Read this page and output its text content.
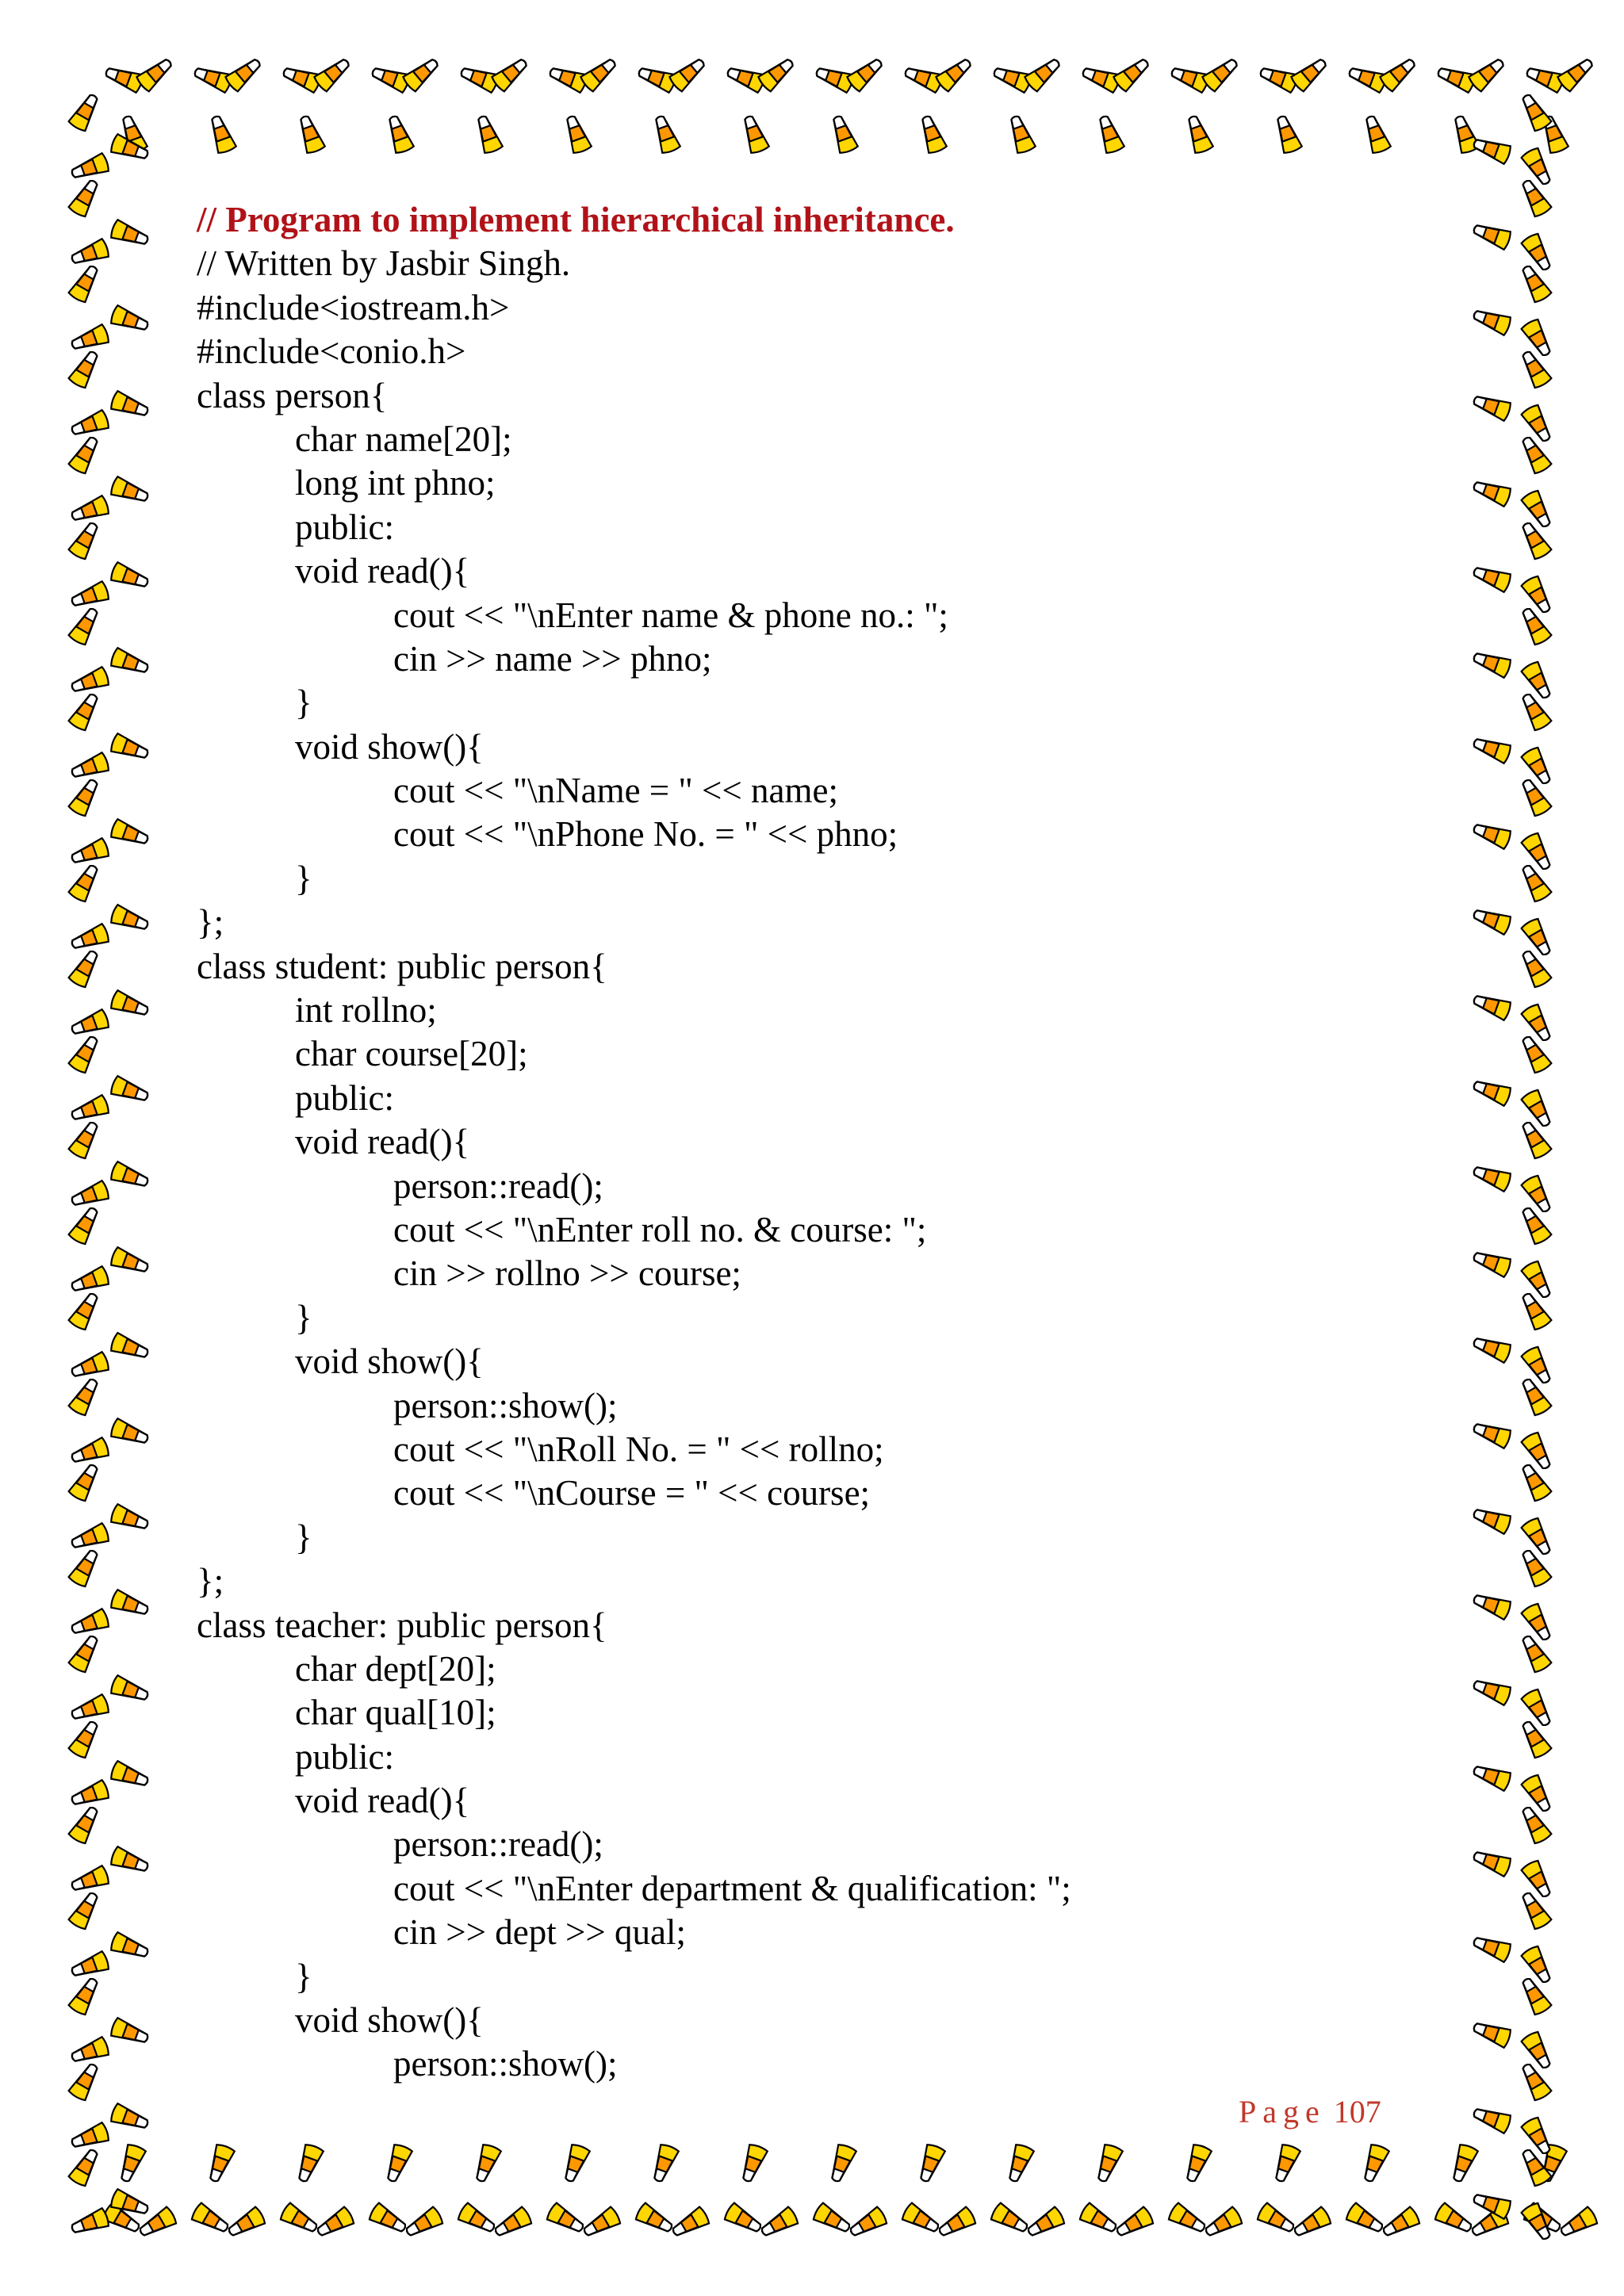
// Program to implement hierarchical inheritance.
// Written by Jasbir Singh.
#include<iostream.h>
#include<conio.h>
class person{
char name[20];
long int phno;
public:
void read(){
cout << "\nEnter name & phone no.: ";
cin >> name >> phno;
}
void show(){
cout << "\nName = " << name;
cout << "\nPhone No. = " << phno;
}
};
class student: public person{
int rollno;
char course[20];
public:
void read(){
person::read();
cout << "\nEnter roll no. & course: ";
cin >> rollno >> course;
}
void show(){
person::show();
cout << "\nRoll No. = " << rollno;
cout << "\nCourse = " << course;
}
};
class teacher: public person{
char dept[20];
char qual[10];
public:
void read(){
person::read();
cout << "\nEnter department & qualification: ";
cin >> dept >> qual;
}
void show(){
person::show();
Page 107
